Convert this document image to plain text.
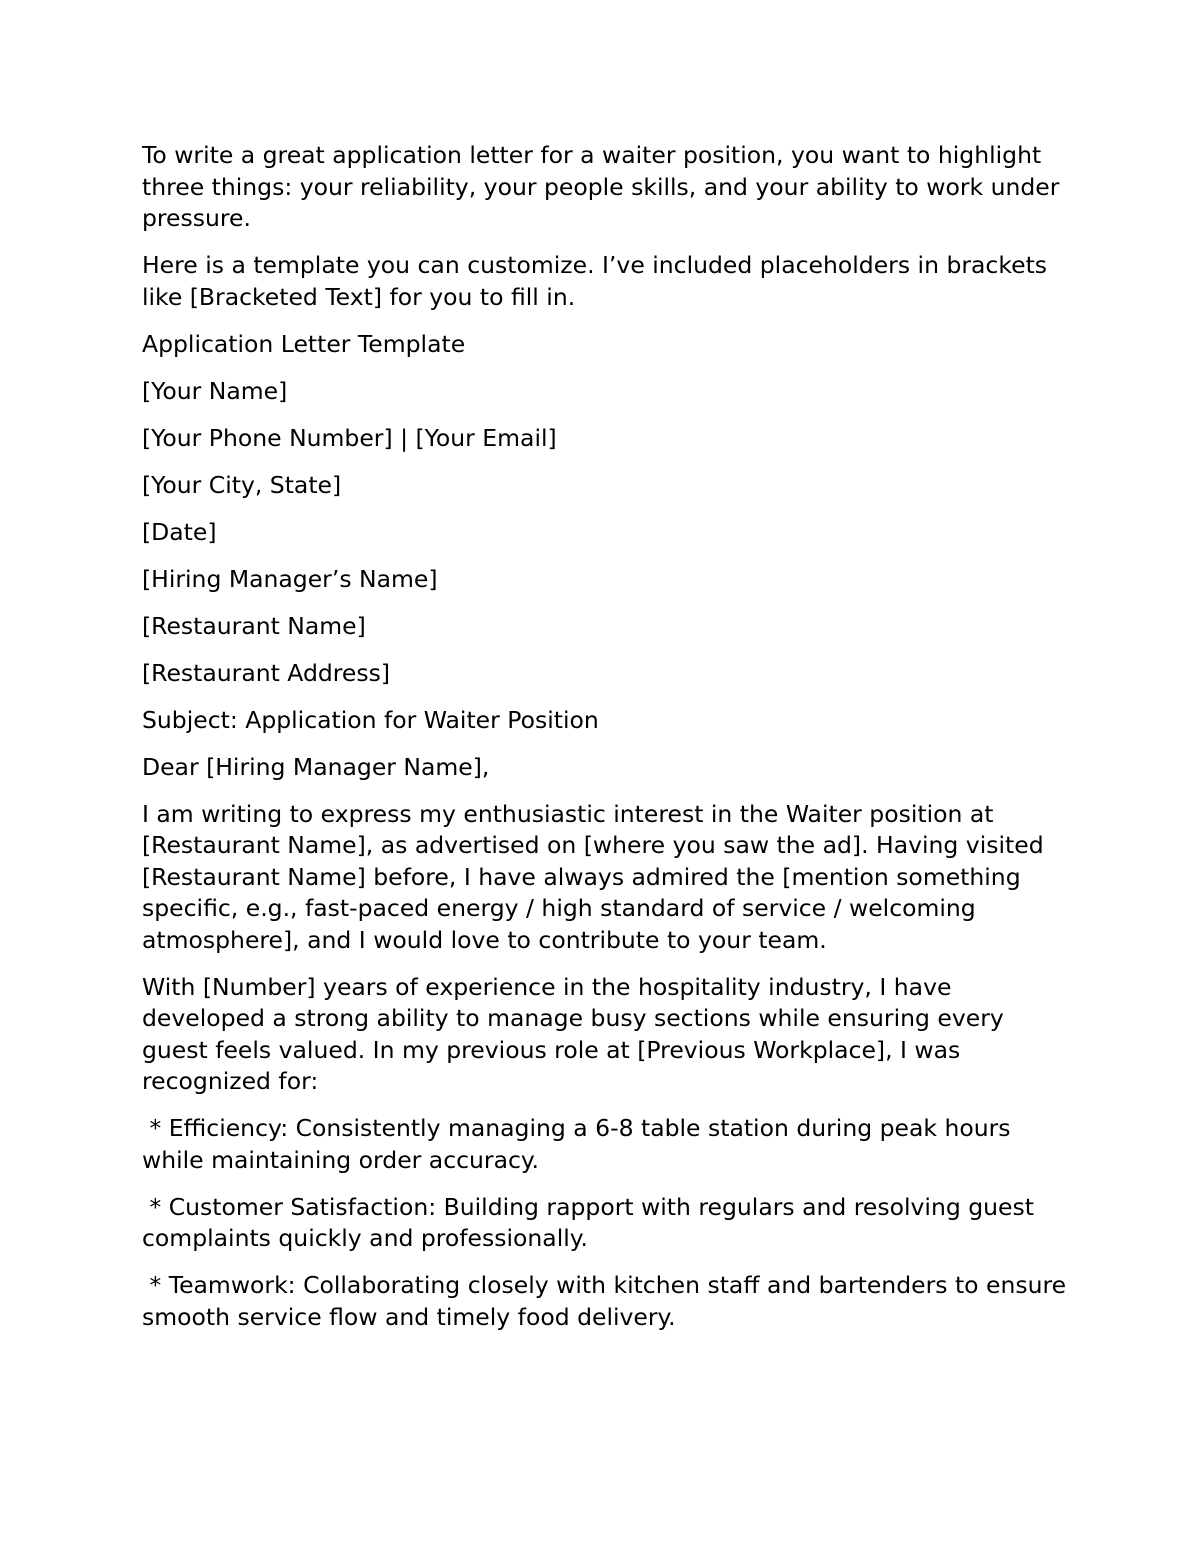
To write a great application letter for a waiter position, you want to highlight three things: your reliability, your people skills, and your ability to work under pressure.

Here is a template you can customize. I’ve included placeholders in brackets like [Bracketed Text] for you to fill in.

Application Letter Template

[Your Name]

[Your Phone Number] | [Your Email]

[Your City, State]

[Date]

[Hiring Manager’s Name]

[Restaurant Name]

[Restaurant Address]

Subject: Application for Waiter Position

Dear [Hiring Manager Name],

I am writing to express my enthusiastic interest in the Waiter position at [Restaurant Name], as advertised on [where you saw the ad]. Having visited [Restaurant Name] before, I have always admired the [mention something specific, e.g., fast-paced energy / high standard of service / welcoming atmosphere], and I would love to contribute to your team.

With [Number] years of experience in the hospitality industry, I have developed a strong ability to manage busy sections while ensuring every guest feels valued. In my previous role at [Previous Workplace], I was recognized for:

* Efficiency: Consistently managing a 6-8 table station during peak hours while maintaining order accuracy.

* Customer Satisfaction: Building rapport with regulars and resolving guest complaints quickly and professionally.

* Teamwork: Collaborating closely with kitchen staff and bartenders to ensure smooth service flow and timely food delivery.
